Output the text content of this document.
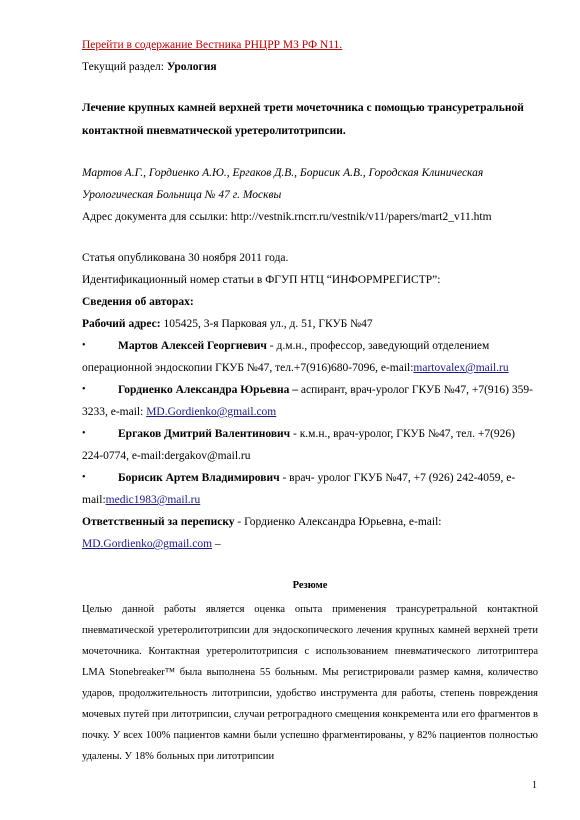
Перейти в содержание Вестника РНЦРР МЗ РФ N11.

Текущий раздел: Урология

Лечение крупных камней верхней трети мочеточника с помощью трансуретральной контактной пневматической уретеролитотрипсии.

Мартов А.Г., Гордиенко А.Ю., Ергаков Д.В., Борисик А.В., Городская Клиническая Урологическая Больница № 47 г. Москвы

Адрес документа для ссылки: http://vestnik.rncrr.ru/vestnik/v11/papers/mart2_v11.htm

Статья опубликована 30 ноября 2011 года.

Идентификационный номер статьи в ФГУП НТЦ “ИНФОРМРЕГИСТР”:

Сведения об авторах:

Рабочий адрес: 105425, 3-я Парковая ул., д. 51, ГКУБ №47

•	Мартов Алексей Георгиевич - д.м.н., профессор, заведующий отделением операционной эндоскопии ГКУБ №47, тел.+7(916)680-7096, e-mail:martovalex@mail.ru

•	Гордиенко Александра Юрьевна – аспирант, врач-уролог ГКУБ №47, +7(916) 359-3233, e-mail: MD.Gordienko@gmail.com

•	Ергаков Дмитрий Валентинович - к.м.н., врач-уролог, ГКУБ №47, тел. +7(926) 224-0774, e-mail:dergakov@mail.ru

•	Борисик Артем Владимирович - врач- уролог ГКУБ №47, +7 (926) 242-4059, e-mail:medic1983@mail.ru

Ответственный за переписку - Гордиенко Александра Юрьевна, e-mail: MD.Gordienko@gmail.com –

Резюме

Целью данной работы является оценка опыта применения трансуретральной контактной пневматической уретеролитотрипсии для эндоскопического лечения крупных камней верхней трети мочеточника. Контактная уретеролитотрипсия с использованием пневматического литотриптера LMA Stonebreaker™ была выполнена 55 больным. Мы регистрировали размер камня, количество ударов, продолжительность литотрипсии, удобство инструмента для работы, степень повреждения мочевых путей при литотрипсии, случаи ретроградного смещения конкремента или его фрагментов в почку. У всех 100% пациентов камни были успешно фрагментированы, у 82% пациентов полностью удалены. У 18% больных при литотрипсии

1
